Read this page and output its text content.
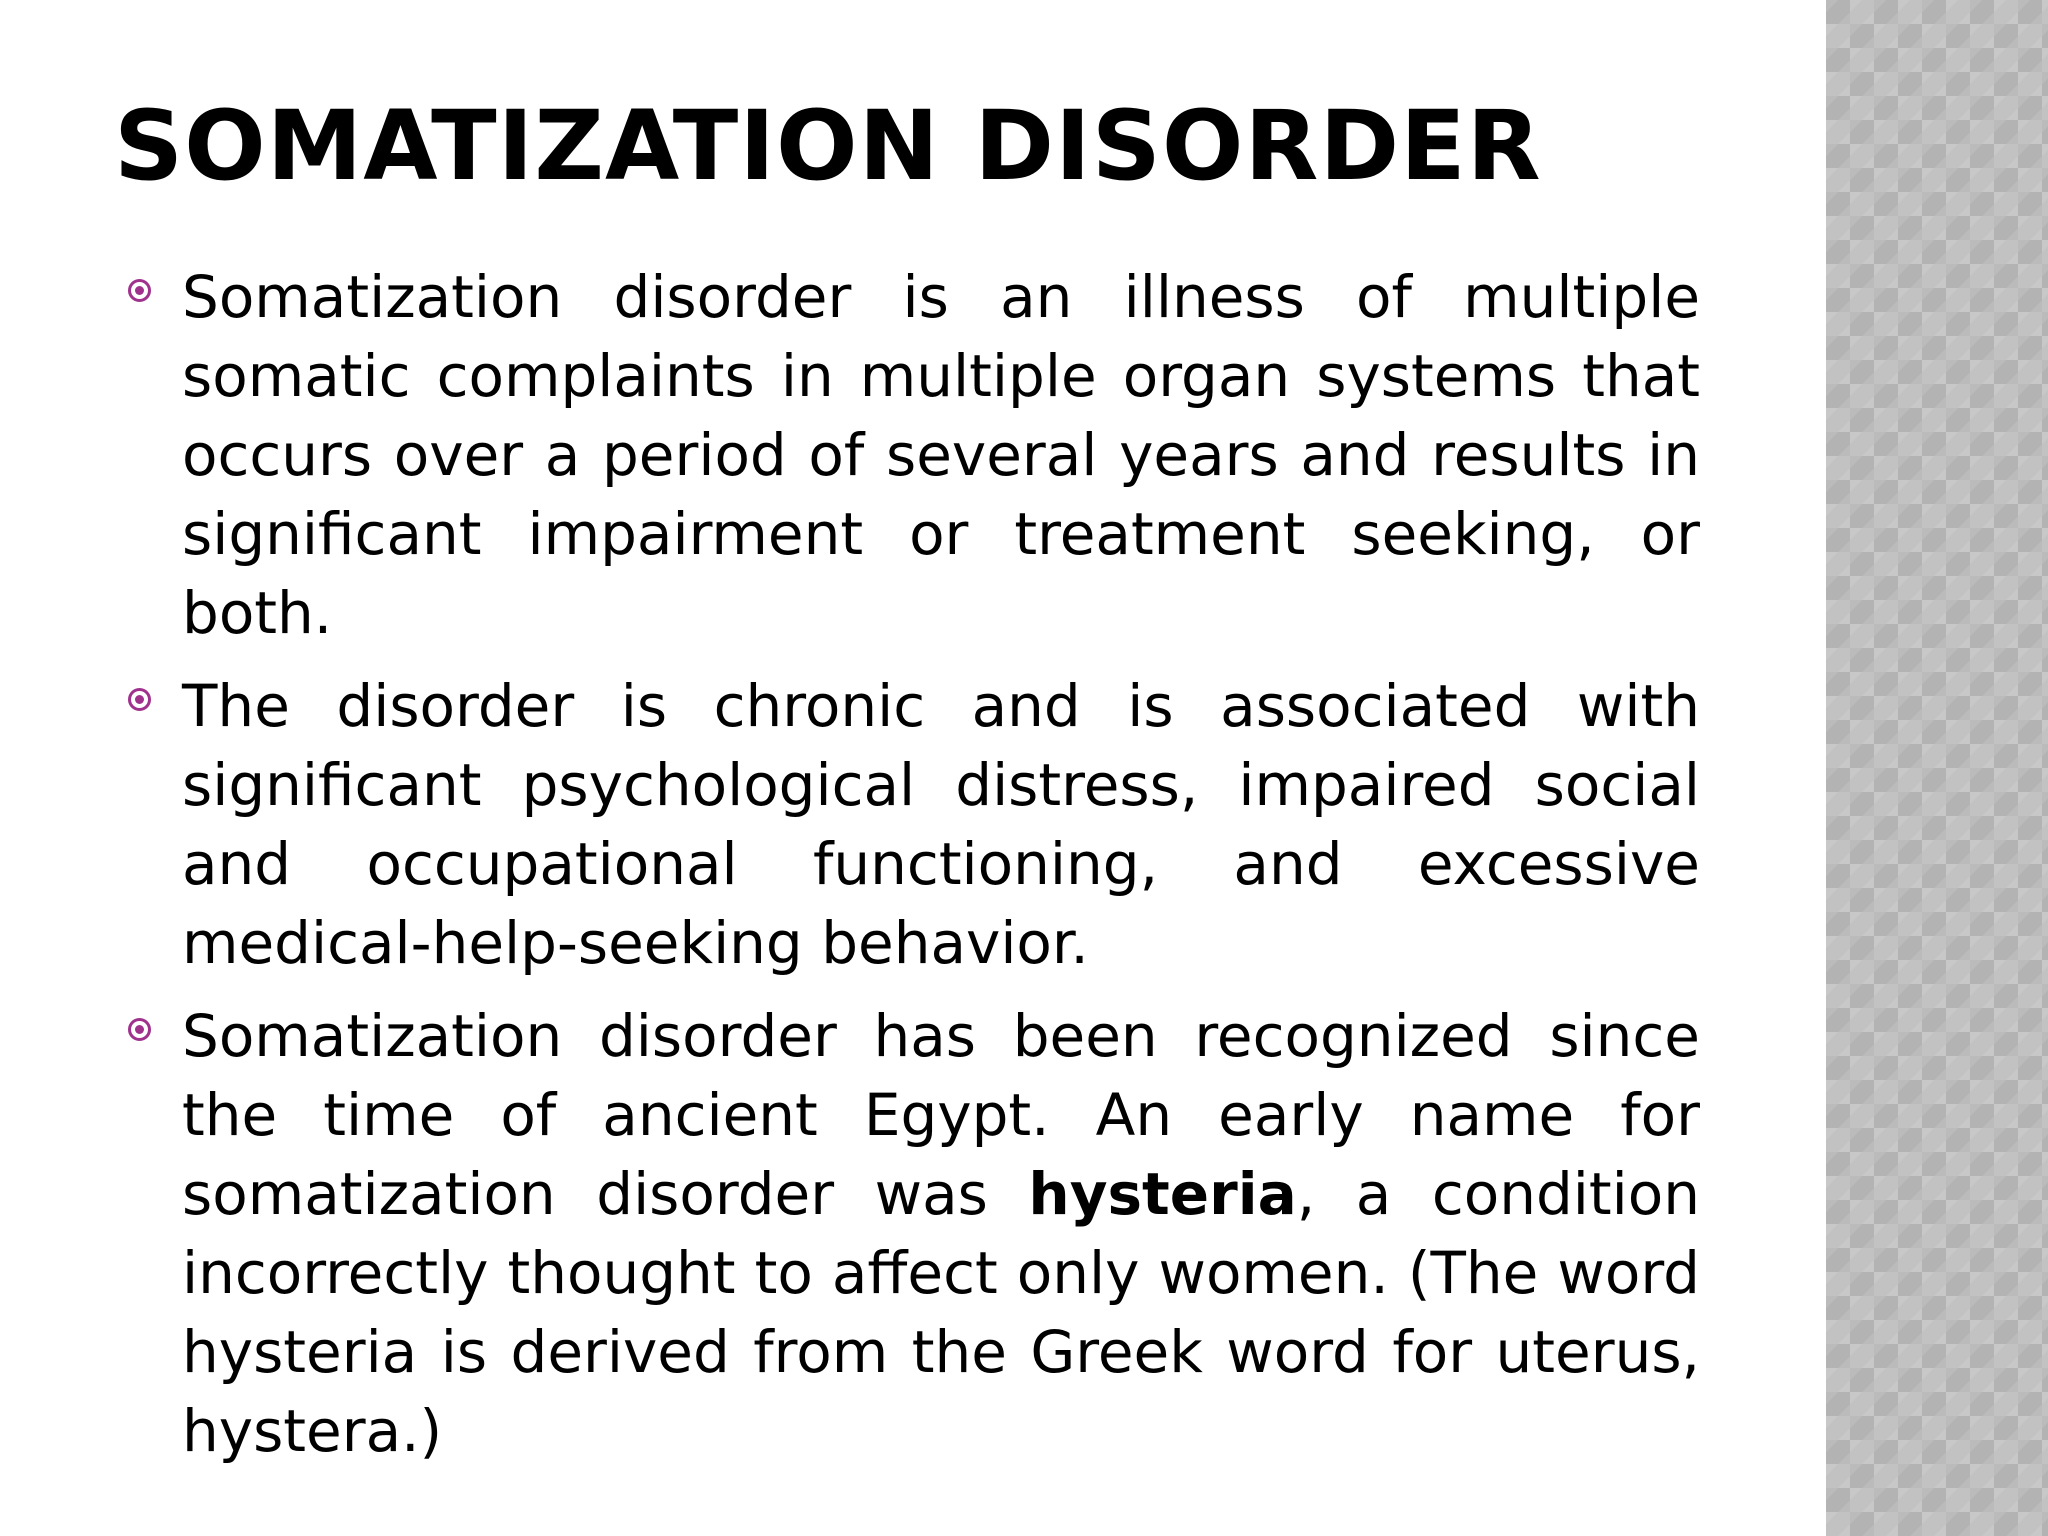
SOMATIZATION DISORDER
Somatization disorder is an illness of multiple somatic complaints in multiple organ systems that occurs over a period of several years and results in significant impairment or treatment seeking, or both.
The disorder is chronic and is associated with significant psychological distress, impaired social and occupational functioning, and excessive medical-help-seeking behavior.
Somatization disorder has been recognized since the time of ancient Egypt. An early name for somatization disorder was hysteria, a condition incorrectly thought to affect only women. (The word hysteria is derived from the Greek word for uterus, hystera.)
